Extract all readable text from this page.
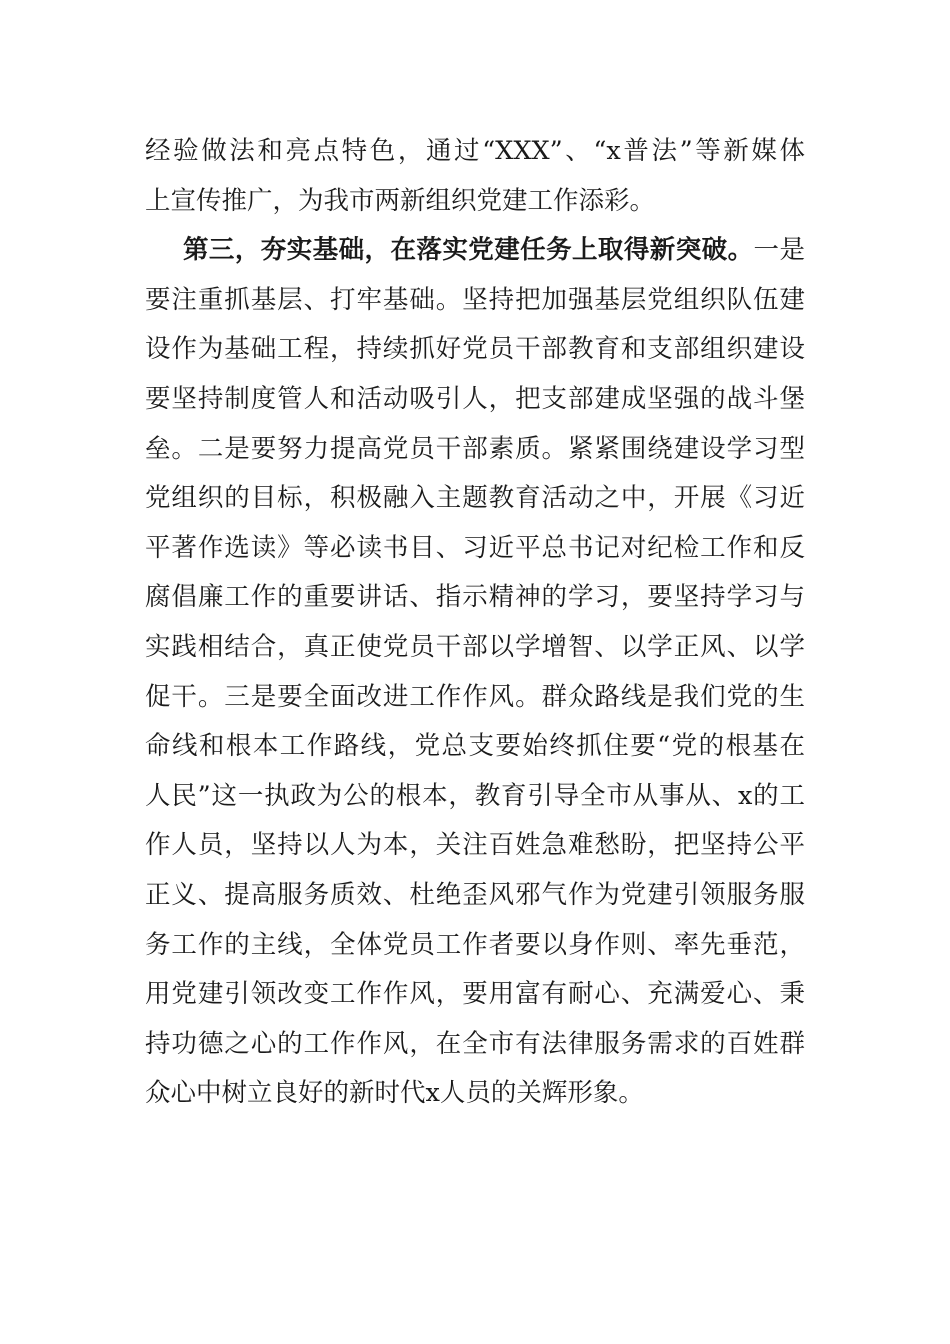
经验做法和亮点特色，通过“XXX”、“x普法”等新媒体
上宣传推广，为我市两新组织党建工作添彩。
第三，夯实基础，在落实党建任务上取得新突破。一是
要注重抓基层、打牢基础。坚持把加强基层党组织队伍建
设作为基础工程，持续抓好党员干部教育和支部组织建设
要坚持制度管人和活动吸引人，把支部建成坚强的战斗堡
垒。二是要努力提高党员干部素质。紧紧围绕建设学习型
党组织的目标，积极融入主题教育活动之中，开展《习近
平著作选读》等必读书目、习近平总书记对纪检工作和反
腐倡廉工作的重要讲话、指示精神的学习，要坚持学习与
实践相结合，真正使党员干部以学增智、以学正风、以学
促干。三是要全面改进工作作风。群众路线是我们党的生
命线和根本工作路线，党总支要始终抓住要“党的根基在
人民”这一执政为公的根本，教育引导全市从事从、x的工
作人员，坚持以人为本，关注百姓急难愁盼，把坚持公平
正义、提高服务质效、杜绝歪风邪气作为党建引领服务服
务工作的主线，全体党员工作者要以身作则、率先垂范，
用党建引领改变工作作风，要用富有耐心、充满爱心、秉
持功德之心的工作作风，在全市有法律服务需求的百姓群
众心中树立良好的新时代x人员的关辉形象。
